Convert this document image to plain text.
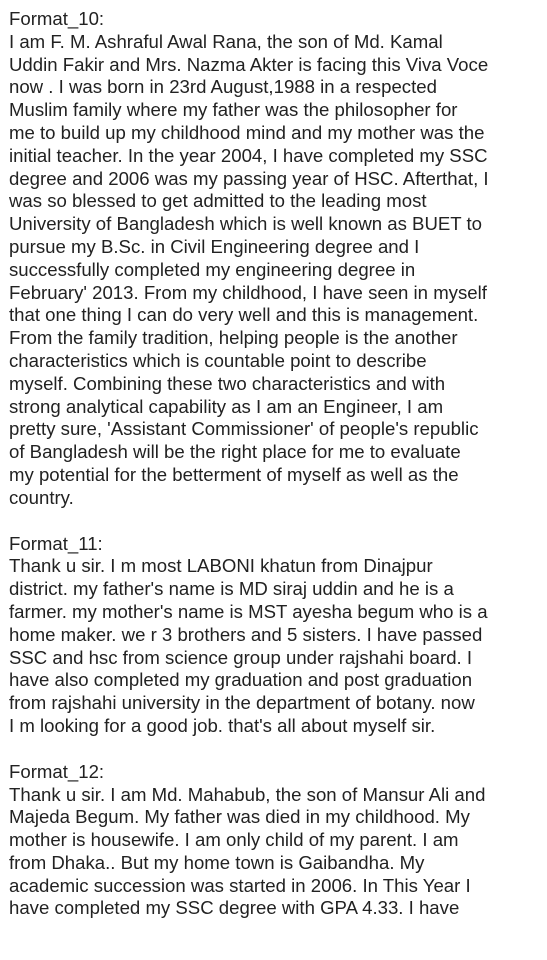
Format_10:
I am F. M. Ashraful Awal Rana, the son of Md. Kamal
Uddin Fakir and Mrs. Nazma Akter is facing this Viva Voce
now . I was born in 23rd August,1988 in a respected
Muslim family where my father was the philosopher for
me to build up my childhood mind and my mother was the
initial teacher. In the year 2004, I have completed my SSC
degree and 2006 was my passing year of HSC. Afterthat, I
was so blessed to get admitted to the leading most
University of Bangladesh which is well known as BUET to
pursue my B.Sc. in Civil Engineering degree and I
successfully completed my engineering degree in
February' 2013. From my childhood, I have seen in myself
that one thing I can do very well and this is management.
From the family tradition, helping people is the another
characteristics which is countable point to describe
myself. Combining these two characteristics and with
strong analytical capability as I am an Engineer, I am
pretty sure, 'Assistant Commissioner' of people's republic
of Bangladesh will be the right place for me to evaluate
my potential for the betterment of myself as well as the
country.
Format_11:
Thank u sir. I m most LABONI khatun from Dinajpur
district. my father's name is MD siraj uddin and he is a
farmer. my mother's name is MST ayesha begum who is a
home maker. we r 3 brothers and 5 sisters. I have passed
SSC and hsc from science group under rajshahi board. I
have also completed my graduation and post graduation
from rajshahi university in the department of botany. now
I m looking for a good job. that's all about myself sir.
Format_12:
Thank u sir. I am Md. Mahabub, the son of Mansur Ali and
Majeda Begum. My father was died in my childhood. My
mother is housewife. I am only child of my parent. I am
from Dhaka.. But my home town is Gaibandha. My
academic succession was started in 2006. In This Year I
have completed my SSC degree with GPA 4.33. I have
